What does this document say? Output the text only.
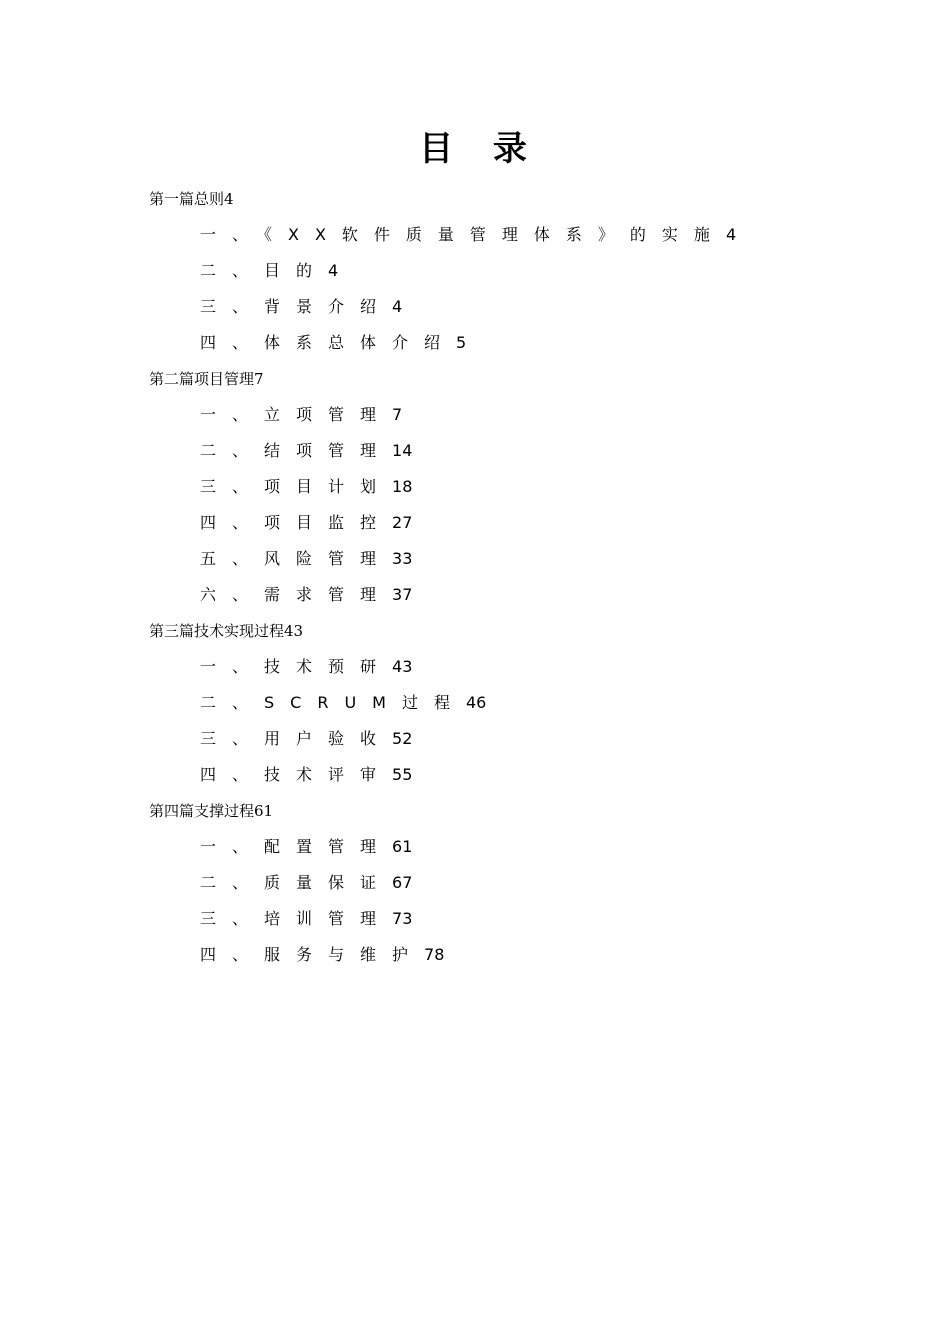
目 录
第一篇总则4
一、《XX软件质量管理体系》的实施4
二、目的4
三、背景介绍4
四、体系总体介绍5
第二篇项目管理7
一、立项管理7
二、结项管理14
三、项目计划18
四、项目监控27
五、风险管理33
六、需求管理37
第三篇技术实现过程43
一、技术预研43
二、SCRUM过程46
三、用户验收52
四、技术评审55
第四篇支撑过程61
一、配置管理61
二、质量保证67
三、培训管理73
四、服务与维护78
